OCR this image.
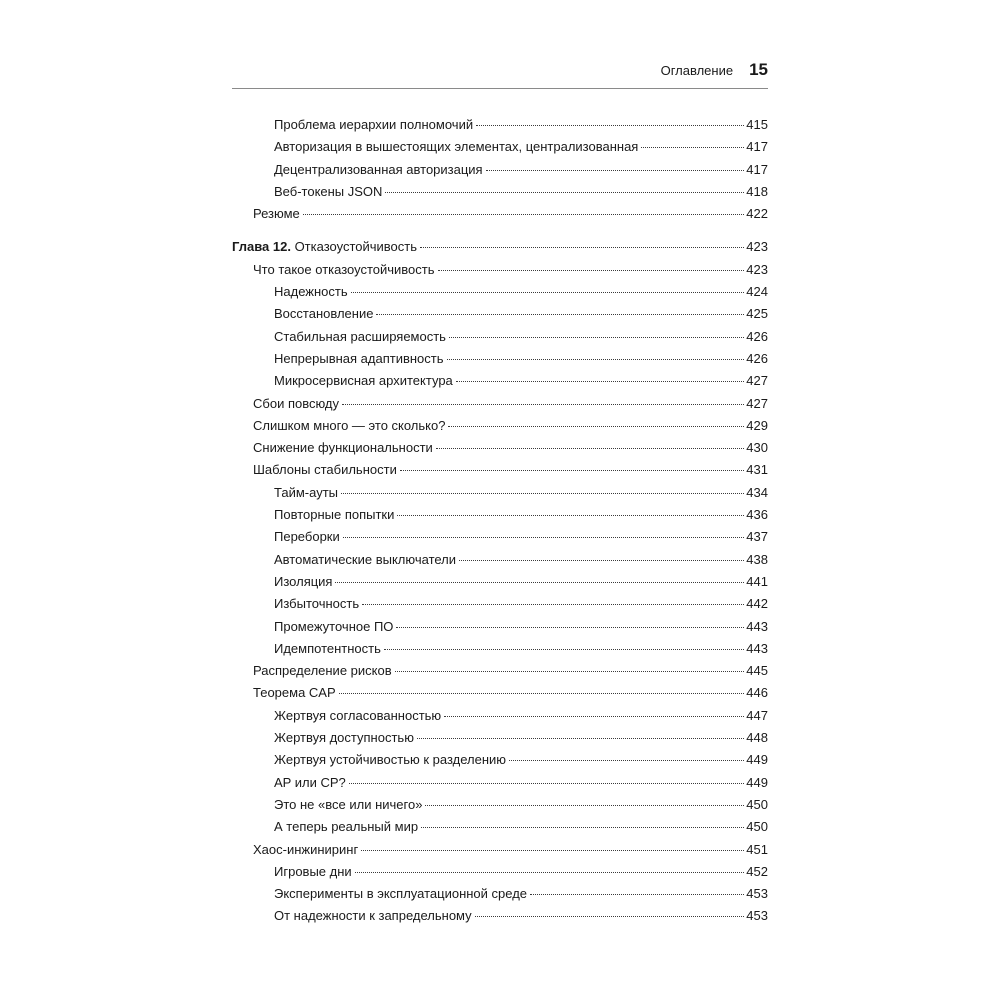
Оглавление 15
Проблема иерархии полномочий	415
Авторизация в вышестоящих элементах, централизованная	417
Децентрализованная авторизация	417
Веб-токены JSON	418
Резюме	422
Глава 12. Отказоустойчивость	423
Что такое отказоустойчивость	423
Надежность	424
Восстановление	425
Стабильная расширяемость	426
Непрерывная адаптивность	426
Микросервисная архитектура	427
Сбои повсюду	427
Слишком много — это сколько?	429
Снижение функциональности	430
Шаблоны стабильности	431
Тайм-ауты	434
Повторные попытки	436
Переборки	437
Автоматические выключатели	438
Изоляция	441
Избыточность	442
Промежуточное ПО	443
Идемпотентность	443
Распределение рисков	445
Теорема CAP	446
Жертвуя согласованностью	447
Жертвуя доступностью	448
Жертвуя устойчивостью к разделению	449
AP или CP?	449
Это не «все или ничего»	450
А теперь реальный мир	450
Хаос-инжиниринг	451
Игровые дни	452
Эксперименты в эксплуатационной среде	453
От надежности к запредельному	453
